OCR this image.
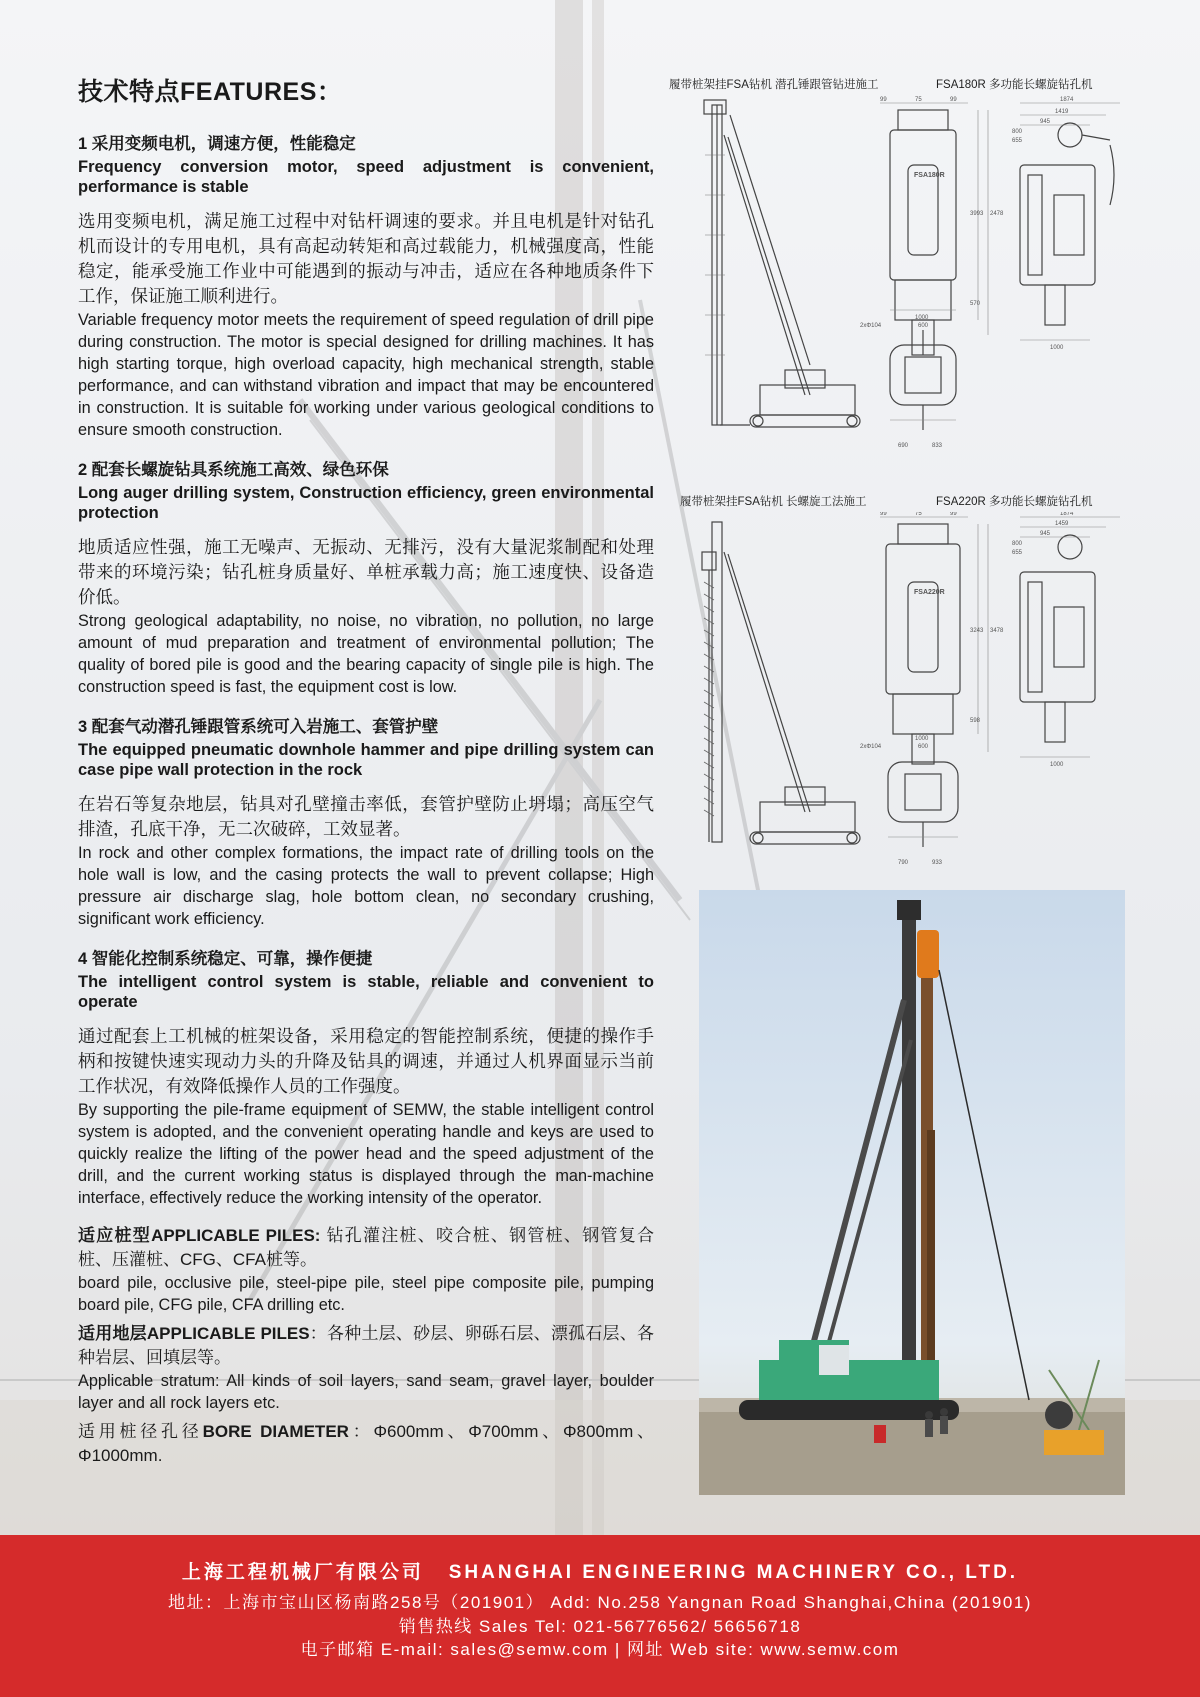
技术特点FEATURES：
1 采用变频电机，调速方便，性能稳定
Frequency conversion motor, speed adjustment is convenient, performance is stable

选用变频电机，满足施工过程中对钻杆调速的要求。并且电机是针对钻孔机而设计的专用电机，具有高起动转矩和高过载能力，机械强度高，性能稳定，能承受施工作业中可能遇到的振动与冲击，适应在各种地质条件下工作，保证施工顺利进行。

Variable frequency motor meets the requirement of speed regulation of drill pipe during construction. The motor is special designed for drilling machines. It has high starting torque, high overload capacity, high mechanical strength, stable performance, and can withstand vibration and impact that may be encountered in construction. It is suitable for working under various geological conditions to ensure smooth construction.

2 配套长螺旋钻具系统施工高效、绿色环保
Long auger drilling system, Construction efficiency, green environmental protection

地质适应性强，施工无噪声、无振动、无排污，没有大量泥浆制配和处理带来的环境污染；钻孔桩身质量好、单桩承载力高；施工速度快、设备造价低。

Strong geological adaptability, no noise, no vibration, no pollution, no large amount of mud preparation and treatment of environmental pollution; The quality of bored pile is good and the bearing capacity of single pile is high. The construction speed is fast, the equipment cost is low.

3 配套气动潜孔锤跟管系统可入岩施工、套管护壁
The equipped pneumatic downhole hammer and pipe drilling system can case pipe wall protection in the rock

在岩石等复杂地层，钻具对孔壁撞击率低，套管护壁防止坍塌；高压空气排渣，孔底干净，无二次破碎，工效显著。

In rock and other complex formations, the impact rate of drilling tools on the hole wall is low, and the casing protects the wall to prevent collapse; High pressure air discharge slag, hole bottom clean, no secondary crushing, significant work efficiency.

4 智能化控制系统稳定、可靠，操作便捷
The intelligent control system is stable, reliable and convenient to operate

通过配套上工机械的桩架设备，采用稳定的智能控制系统，便捷的操作手柄和按键快速实现动力头的升降及钻具的调速，并通过人机界面显示当前工作状况，有效降低操作人员的工作强度。

By supporting the pile-frame equipment of SEMW, the stable intelligent control system is adopted, and the convenient operating handle and keys are used to quickly realize the lifting of the power head and the speed adjustment of the drill, and the current working status is displayed through the man-machine interface, effectively reduce the working intensity of the operator.

适应桩型APPLICABLE PILES: 钻孔灌注桩、咬合桩、钢管桩、钢管复合桩、压灌桩、CFG、CFA桩等。

board pile, occlusive pile, steel-pipe pile, steel pipe composite pile, pumping board pile, CFG pile, CFA drilling etc.

适用地层APPLICABLE PILES：各种土层、砂层、卵砾石层、漂孤石层、各种岩层、回填层等。

Applicable stratum: All kinds of soil layers, sand seam, gravel layer, boulder layer and all rock layers etc.

适用桩径孔径BORE DIAMETER：Φ600mm、Φ700mm、Φ800mm、Φ1000mm.

履带桩架挂FSA钻机 潜孔锤跟管钻进施工	FSA180R 多功能长螺旋钻孔机
履带桩架挂FSA钻机 长螺旋工法施工	FSA220R 多功能长螺旋钻孔机
99	75	99
3993 2478
570
1000
600
2xΦ104
690	833
FSA180R
1874
1419
945
800
655
1000
99	75	99
3243 3478
598
1000
600
2xΦ104
790	933
FSA220R
1874
1459
945
800
655
1000
上海工程机械厂有限公司 SHANGHAI ENGINEERING MACHINERY CO., LTD.
地址：上海市宝山区杨南路258号（201901） Add: No.258 Yangnan Road Shanghai,China (201901)
销售热线 Sales Tel: 021-56776562/ 56656718
电子邮箱 E-mail: sales@semw.com | 网址 Web site: www.semw.com
